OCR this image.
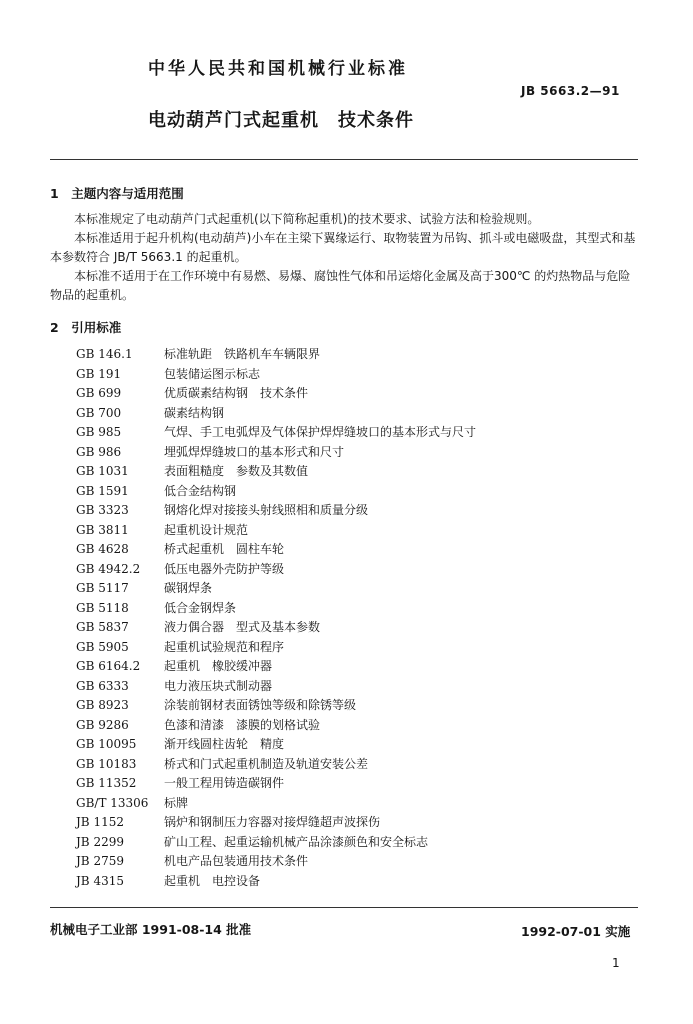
中华人民共和国机械行业标准
JB 5663.2—91
电动葫芦门式起重机　技术条件
1　主题内容与适用范围

　　本标准规定了电动葫芦门式起重机(以下简称起重机)的技术要求、试验方法和检验规则。

　　本标准适用于起升机构(电动葫芦)小车在主梁下翼缘运行、取物装置为吊钩、抓斗或电磁吸盘，其型式和基本参数符合 JB/T 5663.1 的起重机。

　　本标准不适用于在工作环境中有易燃、易爆、腐蚀性气体和吊运熔化金属及高于300℃ 的灼热物品与危险物品的起重机。

2　引用标准
GB 146.1	标准轨距　铁路机车车辆限界
GB 191	包装储运图示标志
GB 699	优质碳素结构钢　技术条件
GB 700	碳素结构钢
GB 985	气焊、手工电弧焊及气体保护焊焊缝坡口的基本形式与尺寸
GB 986	埋弧焊焊缝坡口的基本形式和尺寸
GB 1031	表面粗糙度　参数及其数值
GB 1591	低合金结构钢
GB 3323	钢熔化焊对接接头射线照相和质量分级
GB 3811	起重机设计规范
GB 4628	桥式起重机　圆柱车轮
GB 4942.2 低压电器外壳防护等级
GB 5117	碳钢焊条
GB 5118	低合金钢焊条
GB 5837	液力偶合器　型式及基本参数
GB 5905	起重机试验规范和程序
GB 6164.2 起重机　橡胶缓冲器
GB 6333	电力液压块式制动器
GB 8923	涂装前钢材表面锈蚀等级和除锈等级
GB 9286	色漆和清漆　漆膜的划格试验
GB 10095 渐开线圆柱齿轮　精度
GB 10183 桥式和门式起重机制造及轨道安装公差
GB 11352 一般工程用铸造碳钢件
GB/T 13306 标牌
JB 1152	锅炉和钢制压力容器对接焊缝超声波探伤
JB 2299	矿山工程、起重运输机械产品涂漆颜色和安全标志
JB 2759	机电产品包装通用技术条件
JB 4315	起重机　电控设备
机械电子工业部 1991-08-14 批准	1992-07-01 实施
1
